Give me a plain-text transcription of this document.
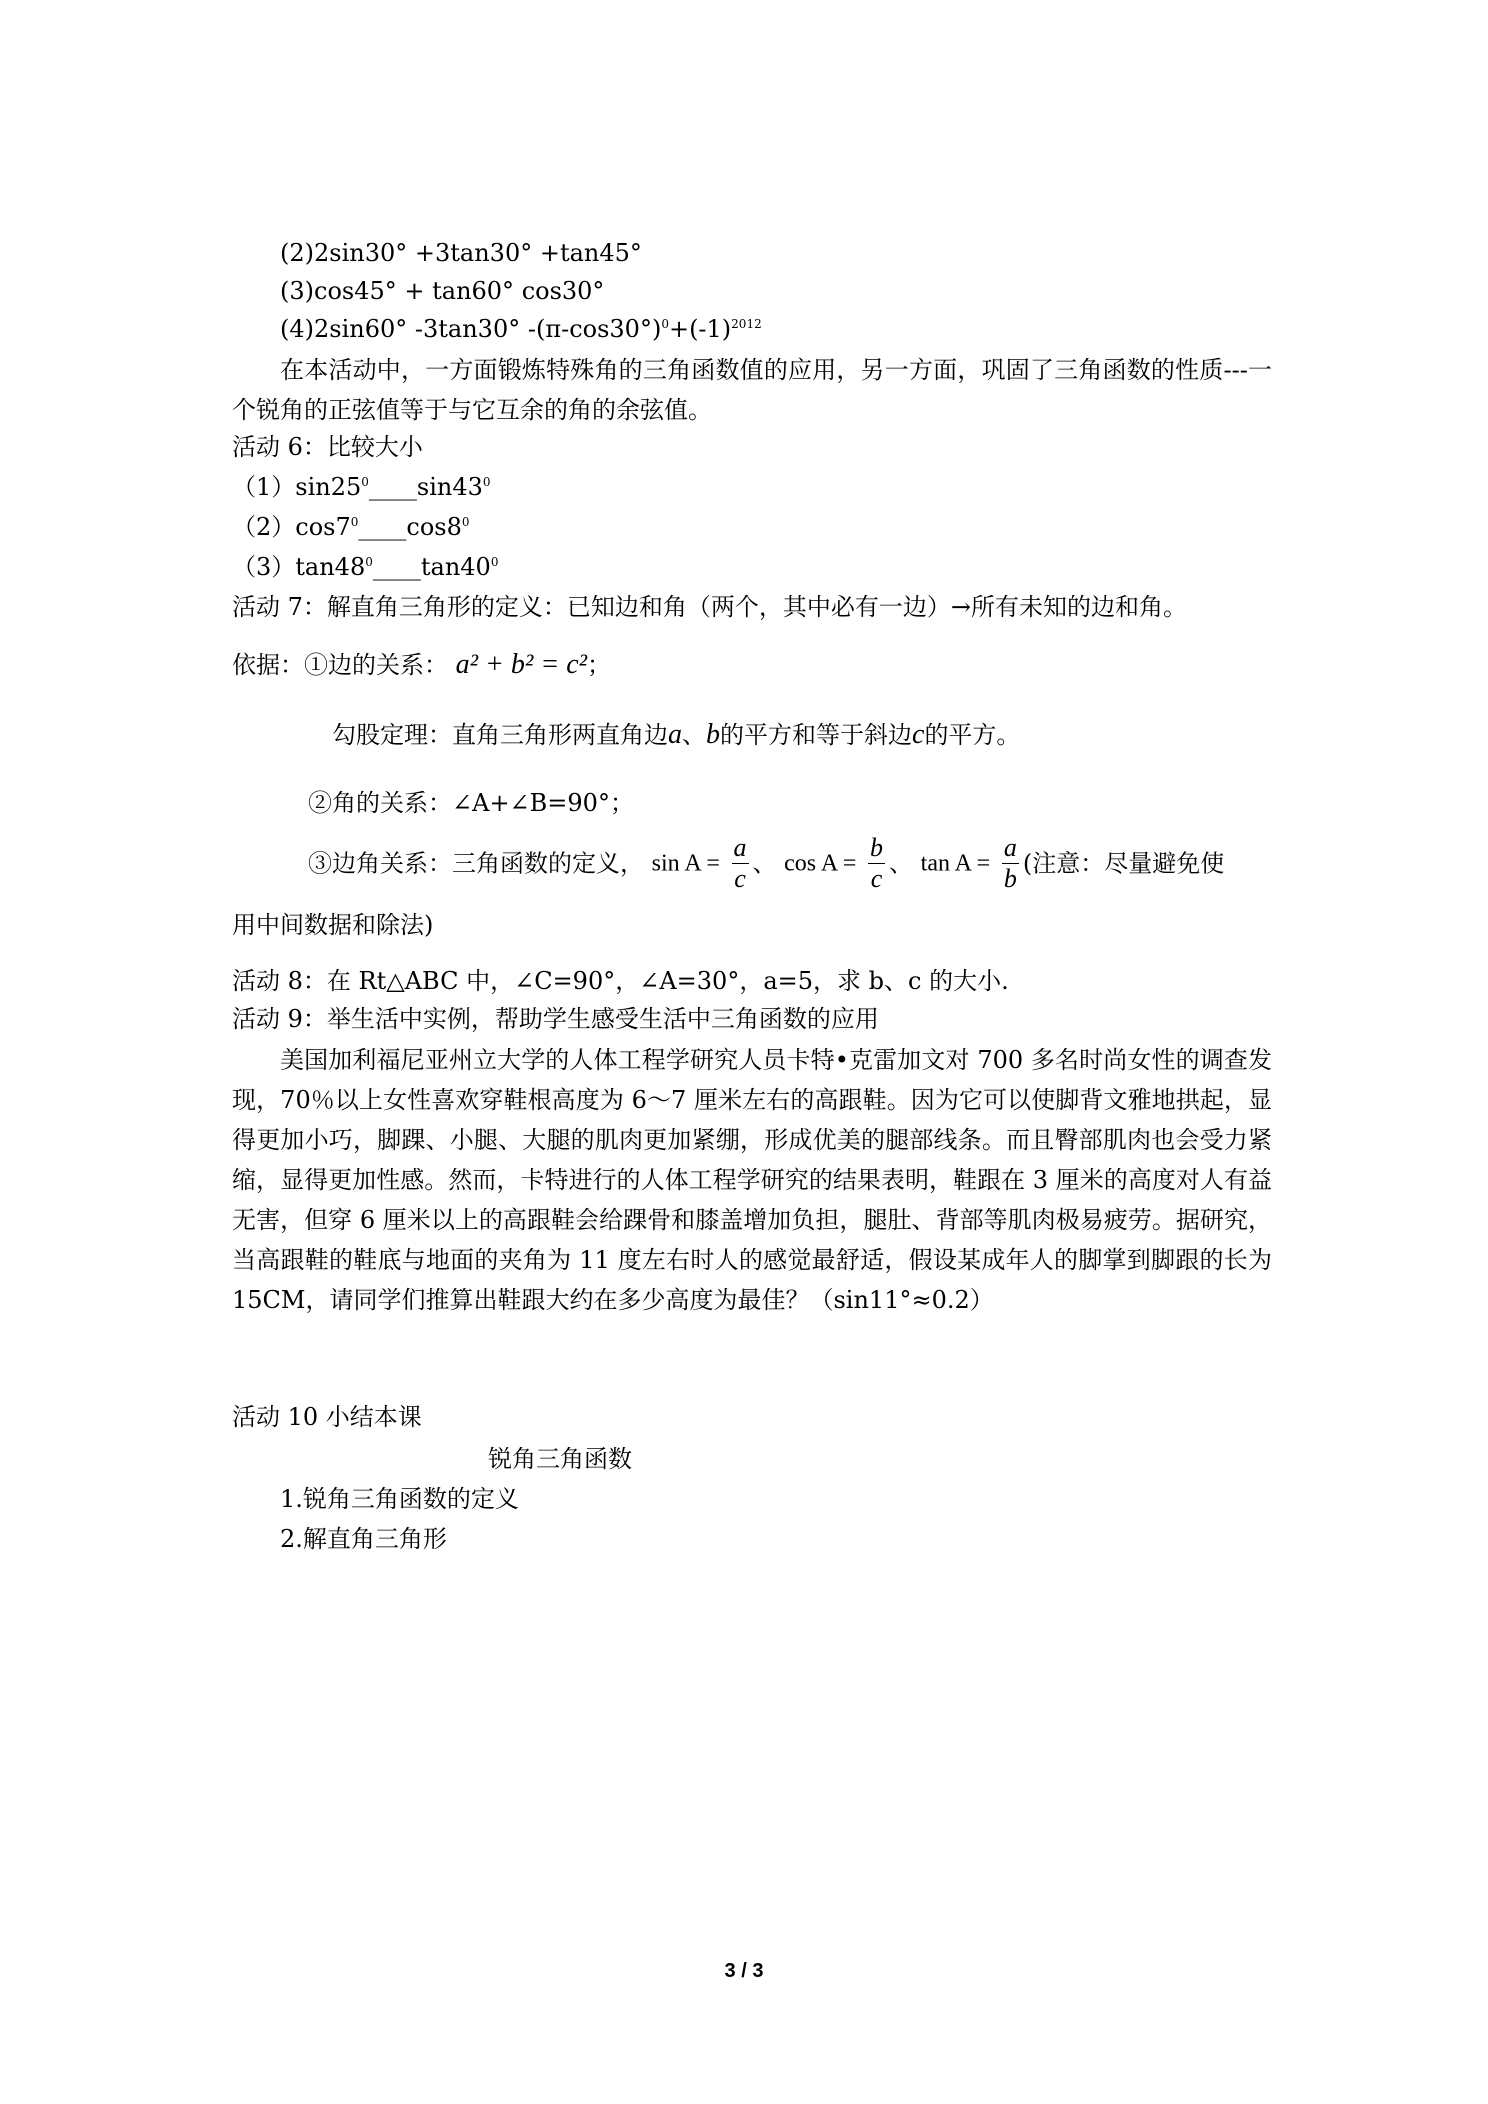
(2)2sin30° +3tan30° +tan45°
(3)cos45° + tan60° cos30°
(4)2sin60° -3tan30° $-(\pi-\cos 30^\circ)^0+(-1)^{2012}$
在本活动中，一方面锻炼特殊角的三角函数值的应用，另一方面，巩固了三角函数的性质---一个锐角的正弦值等于与它互余的角的余弦值。
活动 6：比较大小
$(1)\sin 25^0\_\_\_\_\sin 43^0$
$(2)\cos 7^0\_\_\_\_\cos 8^0$
$(3)\tan 48^0\_\_\_\_\tan 40^0$
活动 7：解直角三角形的定义：已知边和角（两个，其中必有一边）→所有未知的边和角。
依据：①边的关系： a² + b² = c²；
勾股定理：直角三角形两直角边a、b的平方和等于斜边c的平方。
②角的关系：∠A+∠B=90°；
③边角关系：三角函数的定义， $\sin A = \frac{a}{c}$ 、 $\cos A = \frac{b}{c}$ 、 $\tan A = \frac{a}{b}$ (注意：尽量避免使
用中间数据和除法)
活动 8：在 Rt△ABC 中，∠C=90°，∠A=30°，a=5，求 b、c 的大小.
活动 9：举生活中实例，帮助学生感受生活中三角函数的应用
美国加利福尼亚州立大学的人体工程学研究人员卡特•克雷加文对 700 多名时尚女性的调查发现，70％以上女性喜欢穿鞋根高度为 6～7 厘米左右的高跟鞋。因为它可以使脚背文雅地拱起，显得更加小巧，脚踝、小腿、大腿的肌肉更加紧绷，形成优美的腿部线条。而且臀部肌肉也会受力紧缩，显得更加性感。然而，卡特进行的人体工程学研究的结果表明，鞋跟在 3 厘米的高度对人有益无害，但穿 6 厘米以上的高跟鞋会给踝骨和膝盖增加负担，腿肚、背部等肌肉极易疲劳。据研究，当高跟鞋的鞋底与地面的夹角为 11 度左右时人的感觉最舒适，假设某成年人的脚掌到脚跟的长为 15CM，请同学们推算出鞋跟大约在多少高度为最佳？（sin11°≈0.2）
活动 10 小结本课
锐角三角函数
1.锐角三角函数的定义
2.解直角三角形
3 / 3
